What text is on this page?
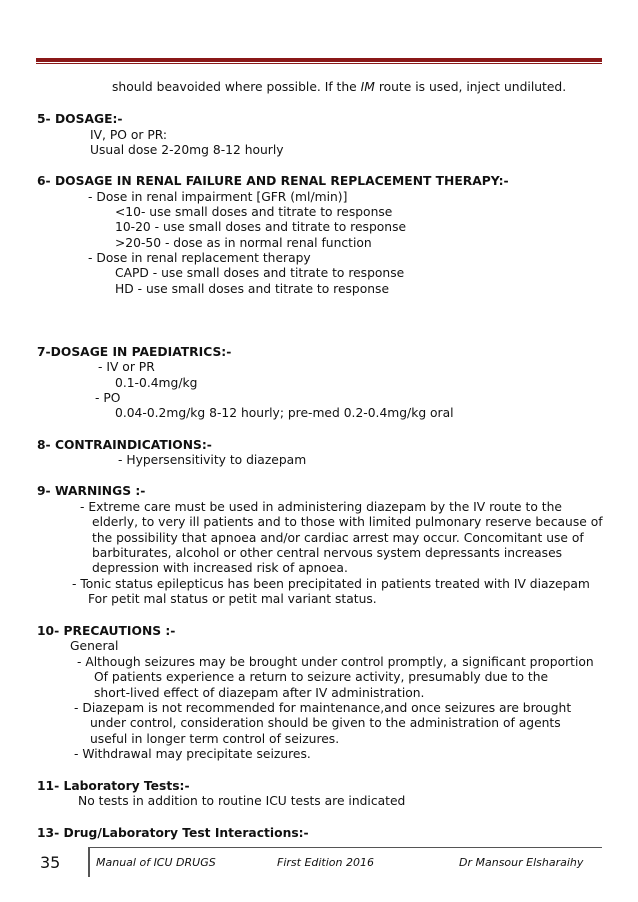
should beavoided where possible. If the IM route is used, inject undiluted.
5- DOSAGE:-
IV, PO or PR:
Usual dose 2-20mg 8-12 hourly
6- DOSAGE IN RENAL FAILURE AND RENAL REPLACEMENT THERAPY:-
- Dose in renal impairment [GFR (ml/min)]
<10- use small doses and titrate to response
10-20 - use small doses and titrate to response
>20-50 - dose as in normal renal function
- Dose in renal replacement therapy
CAPD - use small doses and titrate to response
HD - use small doses and titrate to response
7-DOSAGE IN PAEDIATRICS:-
- IV or PR
0.1-0.4mg/kg
- PO
0.04-0.2mg/kg 8-12 hourly; pre-med 0.2-0.4mg/kg oral
8- CONTRAINDICATIONS:-
- Hypersensitivity to diazepam
9- WARNINGS :-
- Extreme care must be used in administering diazepam by the IV route to the
elderly, to very ill patients and to those with limited pulmonary reserve because of
the possibility that apnoea and/or cardiac arrest may occur. Concomitant use of
barbiturates, alcohol or other central nervous system depressants increases
depression with increased risk of apnoea.
- Tonic status epilepticus has been precipitated in patients treated with IV diazepam
For petit mal status or petit mal variant status.
10- PRECAUTIONS :-
General
- Although seizures may be brought under control promptly, a significant proportion
Of patients experience a return to seizure activity, presumably due to the
short-lived effect of diazepam after IV administration.
- Diazepam is not recommended for maintenance,and once seizures are brought
under control, consideration should be given to the administration of agents
useful in longer term control of seizures.
- Withdrawal may precipitate seizures.
11- Laboratory Tests:-
No tests in addition to routine ICU tests are indicated
13- Drug/Laboratory Test Interactions:-
35	Manual of ICU DRUGS	First Edition 2016	Dr Mansour Elsharaihy
